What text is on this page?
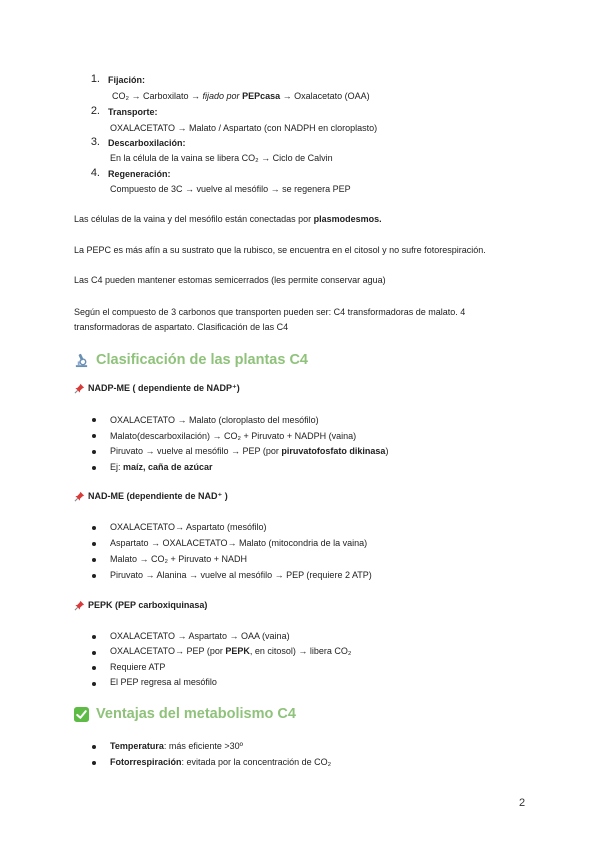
1. Fijación:
CO₂ → Carboxilato → fijado por PEPcasa → Oxalacetato (OAA)
2. Transporte:
OXALACETATO → Malato / Aspartato (con NADPH en cloroplasto)
3. Descarboxilación:
En la célula de la vaina se libera CO₂ → Ciclo de Calvin
4. Regeneración:
Compuesto de 3C → vuelve al mesófilo → se regenera PEP
Las células de la vaina y del mesófilo están conectadas por plasmodesmos.
La PEPC es más afín a su sustrato que la rubisco, se encuentra en el citosol y no sufre fotorespiración.
Las C4 pueden mantener estomas semicerrados (les permite conservar agua)
Según el compuesto de 3 carbonos que transporten pueden ser: C4 transformadoras de malato. 4
transformadoras de aspartato. Clasificación de las C4
Clasificación de las plantas C4
NADP-ME ( dependiente de NADP⁺)
OXALACETATO → Malato (cloroplasto del mesófilo)
Malato(descarboxilación) → CO₂ + Piruvato + NADPH (vaina)
Piruvato → vuelve al mesófilo → PEP (por piruvatofosfato dikinasa)
Ej: maíz, caña de azúcar
NAD-ME (dependiente de NAD⁺ )
OXALACETATO→ Aspartato (mesófilo)
Aspartato → OXALACETATO→ Malato (mitocondria de la vaina)
Malato → CO₂ + Piruvato + NADH
Piruvato → Alanina → vuelve al mesófilo → PEP (requiere 2 ATP)
PEPK (PEP carboxiquinasa)
OXALACETATO → Aspartato → OAA (vaina)
OXALACETATO→ PEP (por PEPK, en citosol) → libera CO₂
Requiere ATP
El PEP regresa al mesófilo
Ventajas del metabolismo C4
Temperatura: más eficiente >30º
Fotorrespiración: evitada por la concentración de CO₂
2
